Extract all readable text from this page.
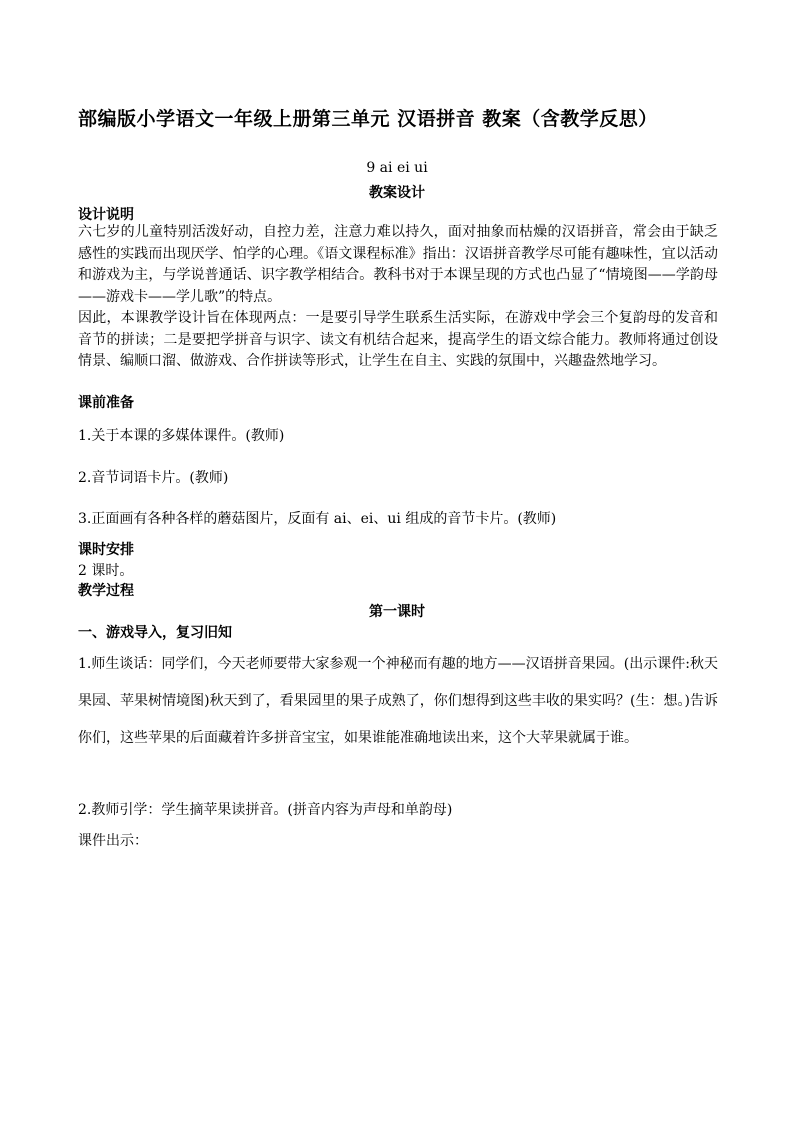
部编版小学语文一年级上册第三单元 汉语拼音 教案（含教学反思）
9 ai ei ui
教案设计
设计说明
六七岁的儿童特别活泼好动，自控力差，注意力难以持久，面对抽象而枯燥的汉语拼音，常会由于缺乏感性的实践而出现厌学、怕学的心理。《语文课程标准》指出：汉语拼音教学尽可能有趣味性，宜以活动和游戏为主，与学说普通话、识字教学相结合。教科书对于本课呈现的方式也凸显了“情境图——学韵母——游戏卡——学儿歌”的特点。
因此，本课教学设计旨在体现两点：一是要引导学生联系生活实际，在游戏中学会三个复韵母的发音和音节的拼读；二是要把学拼音与识字、读文有机结合起来，提高学生的语文综合能力。教师将通过创设情景、编顺口溜、做游戏、合作拼读等形式，让学生在自主、实践的氛围中，兴趣盎然地学习。
课前准备
1.关于本课的多媒体课件。(教师)
2.音节词语卡片。(教师)
3.正面画有各种各样的蘑菇图片，反面有 ai、ei、ui 组成的音节卡片。(教师)
课时安排
2 课时。
教学过程
第一课时
一、游戏导入，复习旧知
1.师生谈话：同学们，今天老师要带大家参观一个神秘而有趣的地方——汉语拼音果园。(出示课件:秋天果园、苹果树情境图)秋天到了，看果园里的果子成熟了，你们想得到这些丰收的果实吗？(生：想。)告诉你们，这些苹果的后面藏着许多拼音宝宝，如果谁能准确地读出来，这个大苹果就属于谁。
2.教师引学：学生摘苹果读拼音。(拼音内容为声母和单韵母)
课件出示：
